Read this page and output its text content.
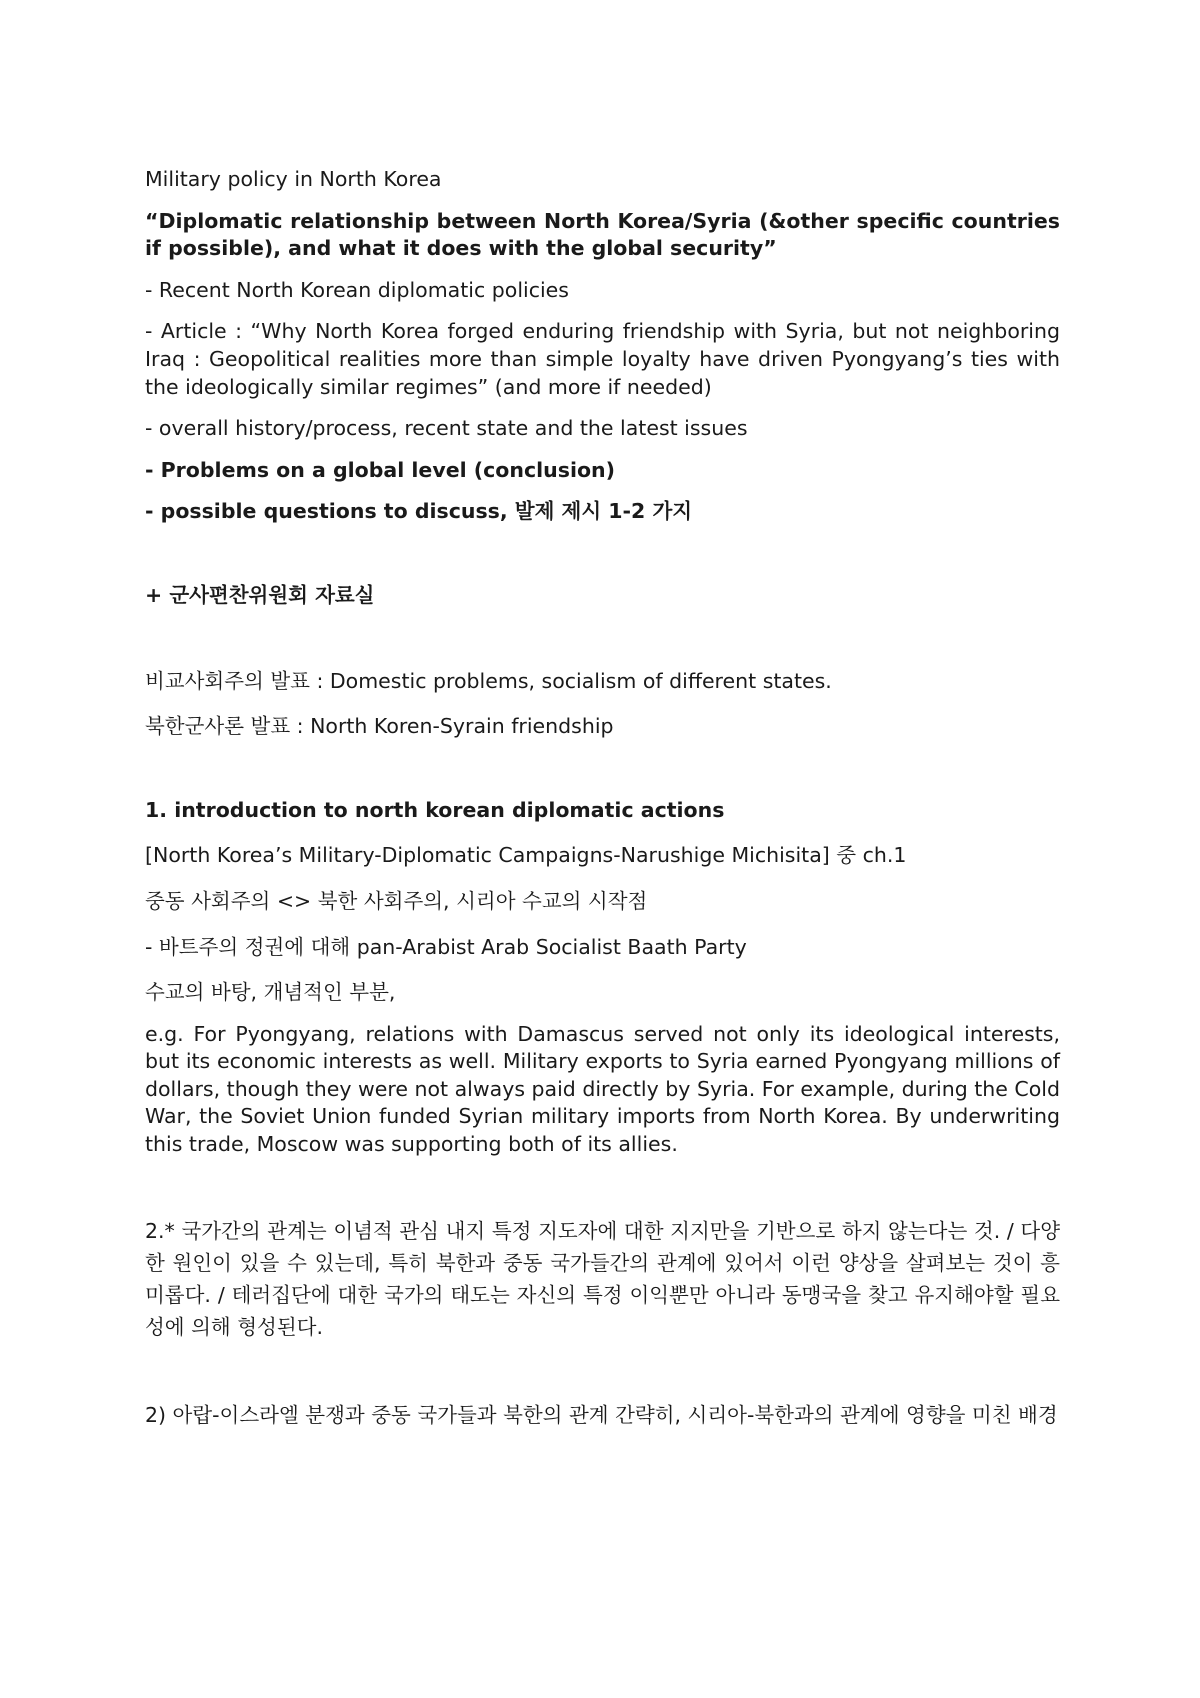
Military policy in North Korea

“Diplomatic relationship between North Korea/Syria (&other specific countries if possible), and what it does with the global security”

- Recent North Korean diplomatic policies

- Article : “Why North Korea forged enduring friendship with Syria, but not neighboring Iraq : Geopolitical realities more than simple loyalty have driven Pyongyang’s ties with the ideologically similar regimes” (and more if needed)

- overall history/process, recent state and the latest issues

- Problems on a global level (conclusion)

- possible questions to discuss, 발제 제시 1-2 가지

+ 군사편찬위원회 자료실

비교사회주의 발표 : Domestic problems, socialism of different states.

북한군사론 발표 : North Koren-Syrain friendship

1. introduction to north korean diplomatic actions

[North Korea’s Military-Diplomatic Campaigns-Narushige Michisita] 중 ch.1

중동 사회주의 <> 북한 사회주의, 시리아 수교의 시작점

- 바트주의 정권에 대해 pan-Arabist Arab Socialist Baath Party

수교의 바탕, 개념적인 부분,

e.g. For Pyongyang, relations with Damascus served not only its ideological interests, but its economic interests as well. Military exports to Syria earned Pyongyang millions of dollars, though they were not always paid directly by Syria. For example, during the Cold War, the Soviet Union funded Syrian military imports from North Korea. By underwriting this trade, Moscow was supporting both of its allies.

2.* 국가간의 관계는 이념적 관심 내지 특정 지도자에 대한 지지만을 기반으로 하지 않는다는 것. / 다양한 원인이 있을 수 있는데, 특히 북한과 중동 국가들간의 관계에 있어서 이런 양상을 살펴보는 것이 흥미롭다. / 테러집단에 대한 국가의 태도는 자신의 특정 이익뿐만 아니라 동맹국을 찾고 유지해야할 필요성에 의해 형성된다.

2) 아랍-이스라엘 분쟁과 중동 국가들과 북한의 관계 간략히, 시리아-북한과의 관계에 영향을 미친 배경
